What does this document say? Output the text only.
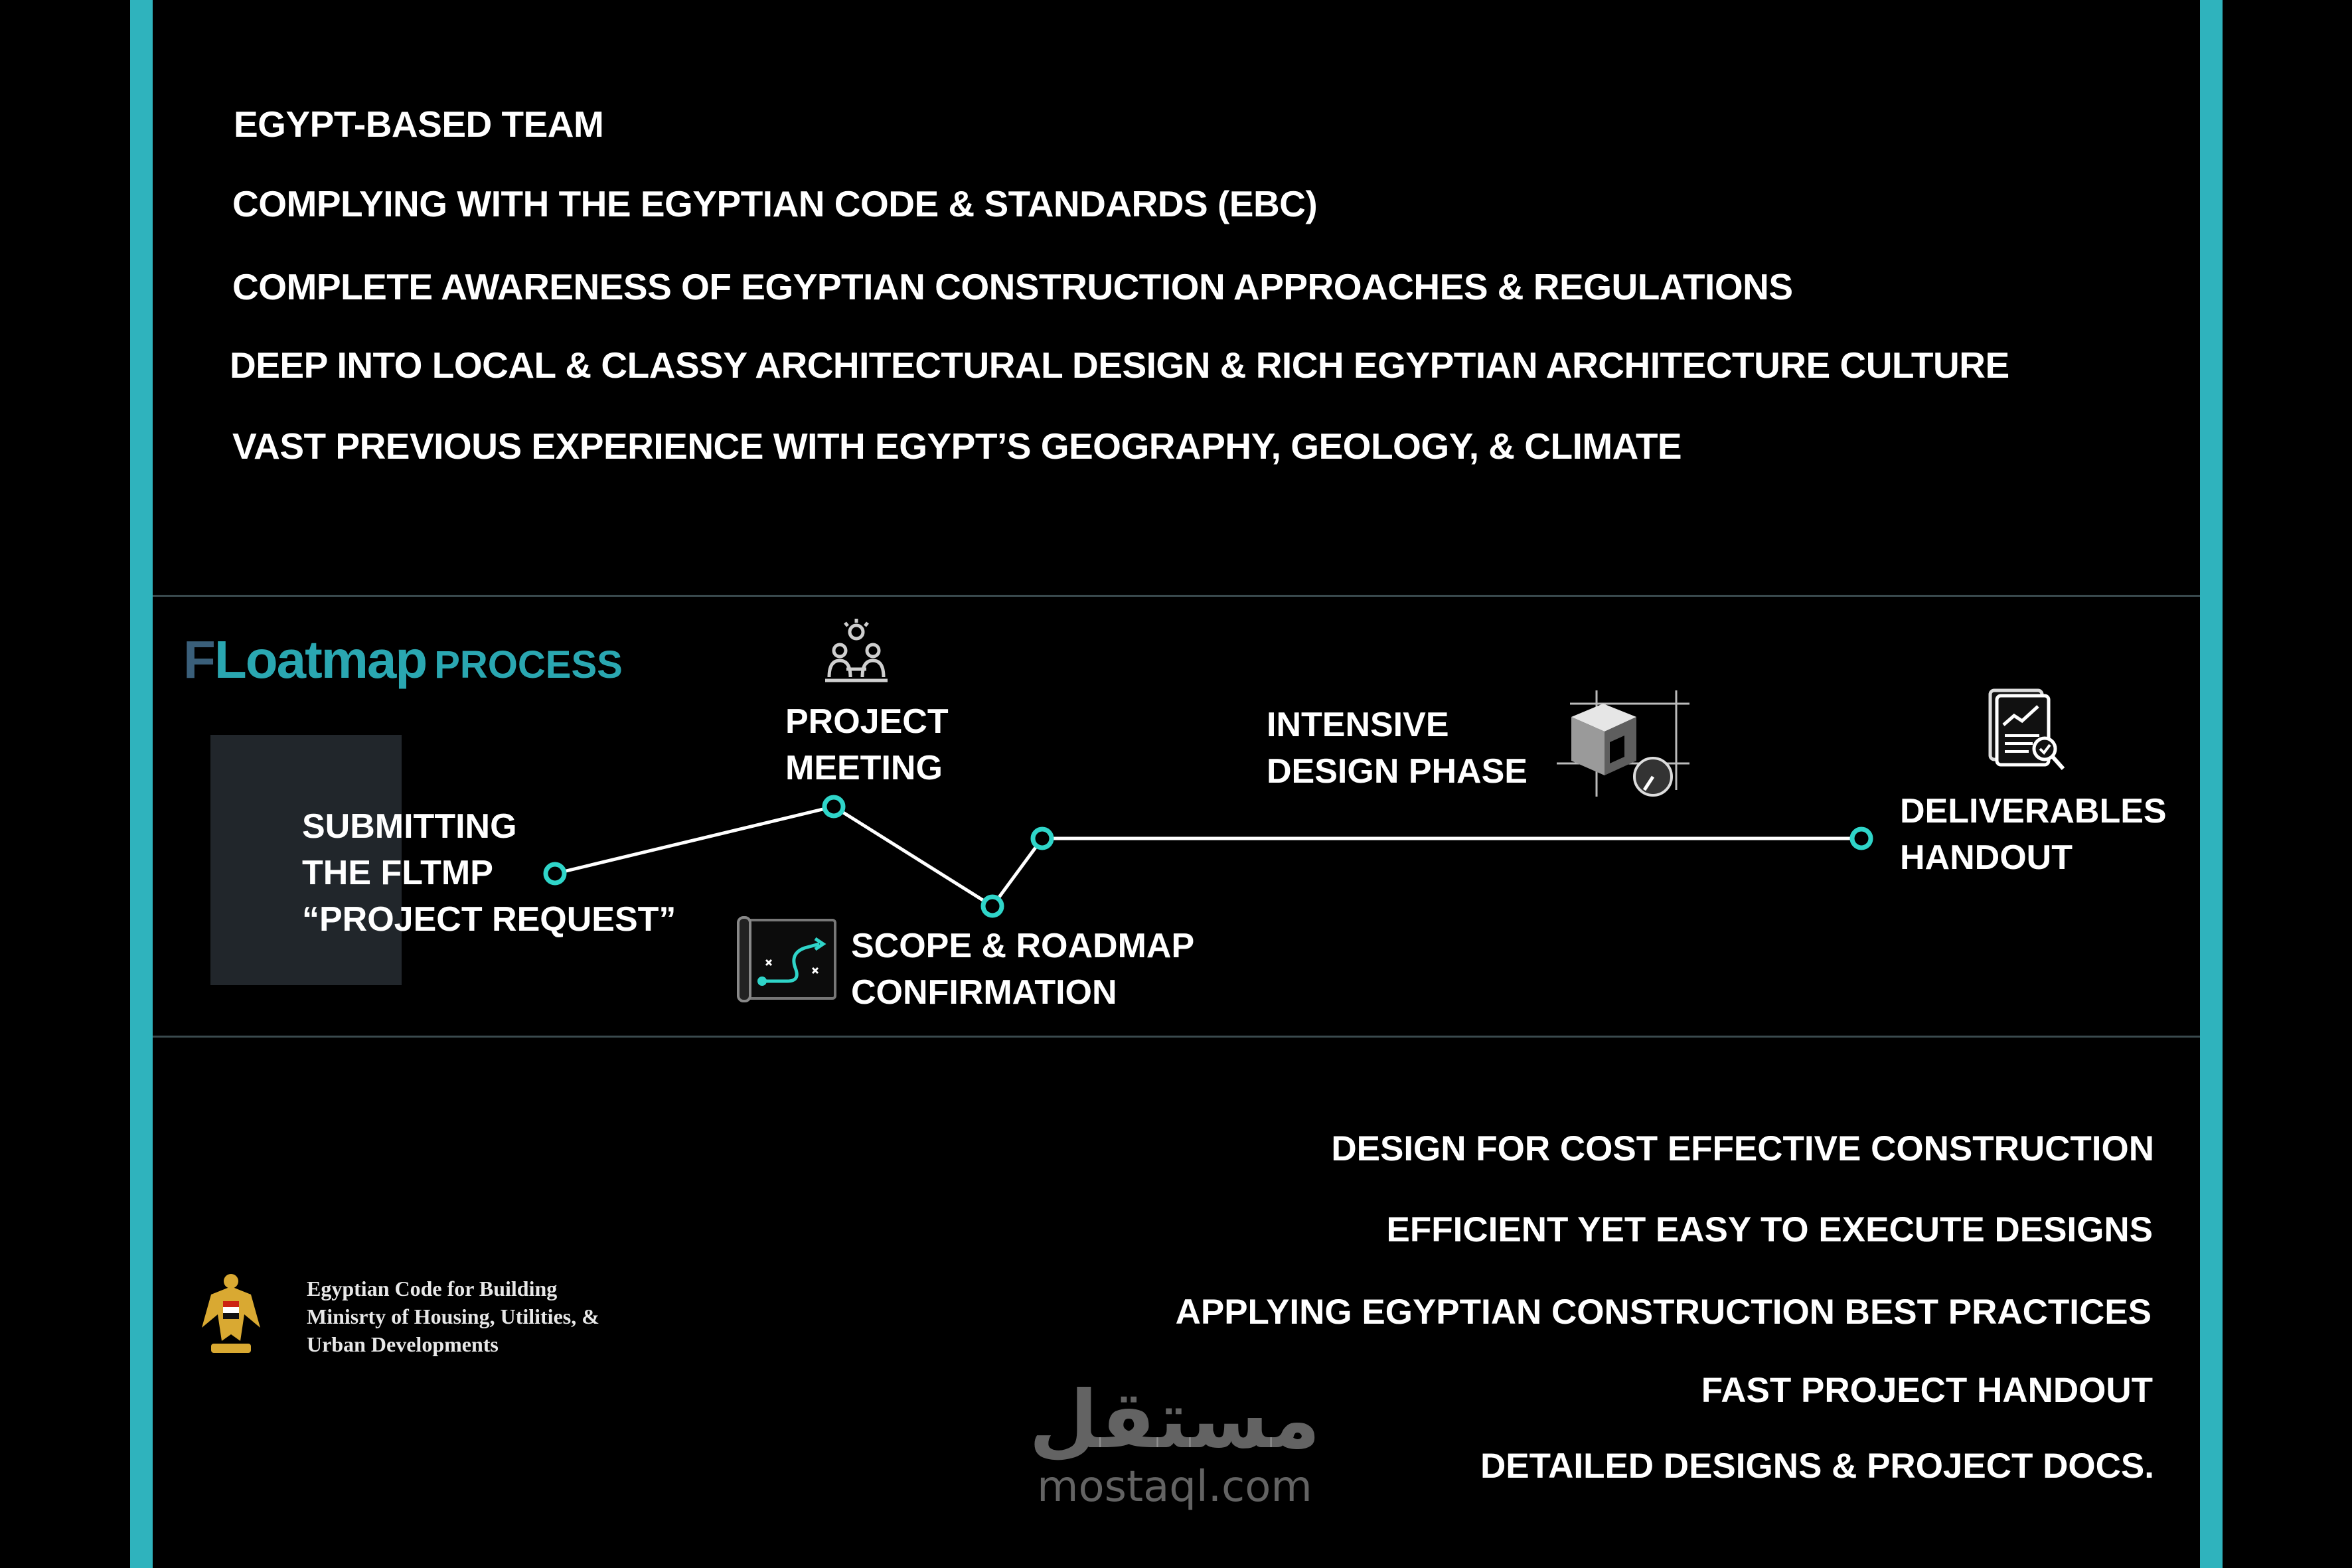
EGYPT-BASED TEAM
COMPLYING WITH THE EGYPTIAN CODE & STANDARDS (EBC)
COMPLETE AWARENESS OF EGYPTIAN CONSTRUCTION APPROACHES & REGULATIONS
DEEP INTO LOCAL & CLASSY ARCHITECTURAL DESIGN & RICH EGYPTIAN ARCHITECTURE CULTURE
VAST PREVIOUS EXPERIENCE WITH EGYPT’S GEOGRAPHY, GEOLOGY, & CLIMATE
FLoatmap PROCESS
SUBMITTING
THE FLTMP
“PROJECT REQUEST”
PROJECT
MEETING
SCOPE & ROADMAP
CONFIRMATION
INTENSIVE
DESIGN PHASE
DELIVERABLES
HANDOUT
DESIGN FOR COST EFFECTIVE CONSTRUCTION
EFFICIENT YET EASY TO EXECUTE DESIGNS
APPLYING EGYPTIAN CONSTRUCTION BEST PRACTICES
FAST PROJECT HANDOUT
DETAILED DESIGNS & PROJECT DOCS.
Egyptian Code for Building
Minisrty of Housing, Utilities, &
Urban Developments
مستقل
mostaql.com
